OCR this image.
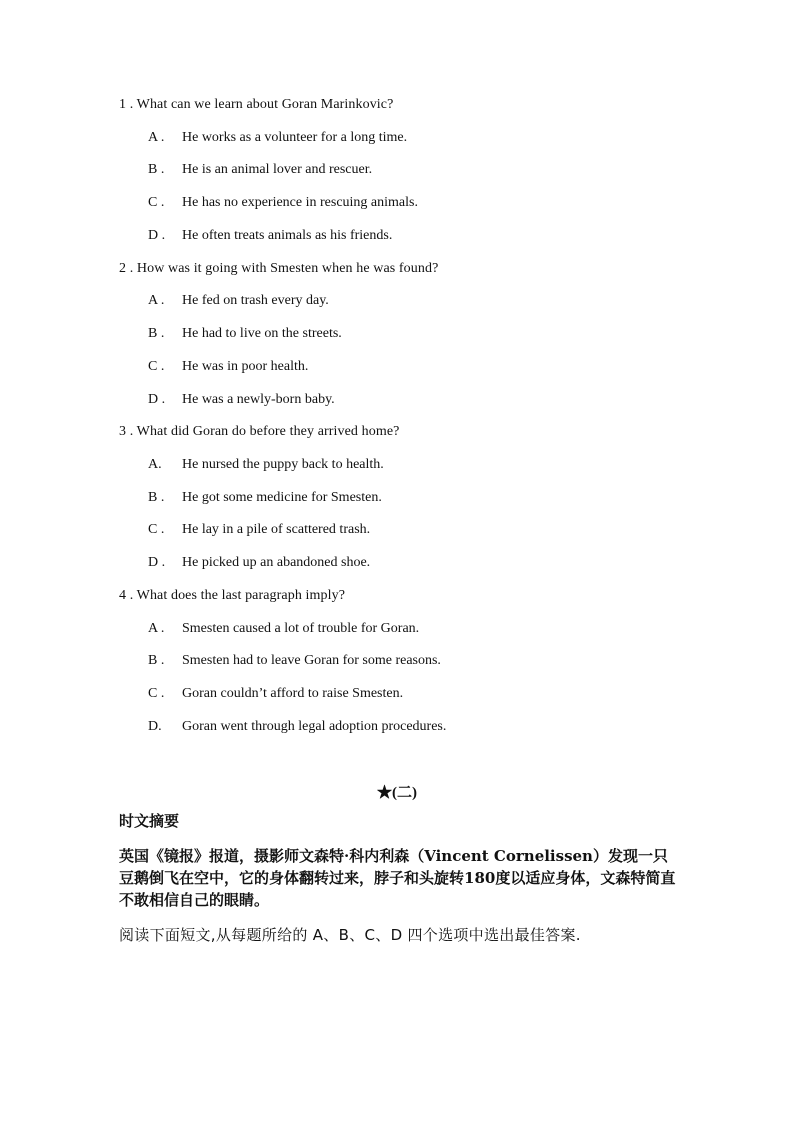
1 . What can we learn about Goran Marinkovic?
A . He works as a volunteer for a long time.
B . He is an animal lover and rescuer.
C . He has no experience in rescuing animals.
D . He often treats animals as his friends.
2 . How was it going with Smesten when he was found?
A . He fed on trash every day.
B . He had to live on the streets.
C . He was in poor health.
D . He was a newly-born baby.
3 . What did Goran do before they arrived home?
A. He nursed the puppy back to health.
B . He got some medicine for Smesten.
C . He lay in a pile of scattered trash.
D . He picked up an abandoned shoe.
4 . What does the last paragraph imply?
A . Smesten caused a lot of trouble for Goran.
B . Smesten had to leave Goran for some reasons.
C . Goran couldn’t afford to raise Smesten.
D. Goran went through legal adoption procedures.
★(二)
时文摘要
英国《镜报》报道，摄影师文森特·科内利森（Vincent Cornelissen）发现一只豆鹅倒飞在空中，它的身体翻转过来，脖子和头旋转180度以适应身体，文森特简直不敢相信自己的眼睛。
阅读下面短文,从每题所给的 A、B、C、D 四个选项中选出最佳答案.
